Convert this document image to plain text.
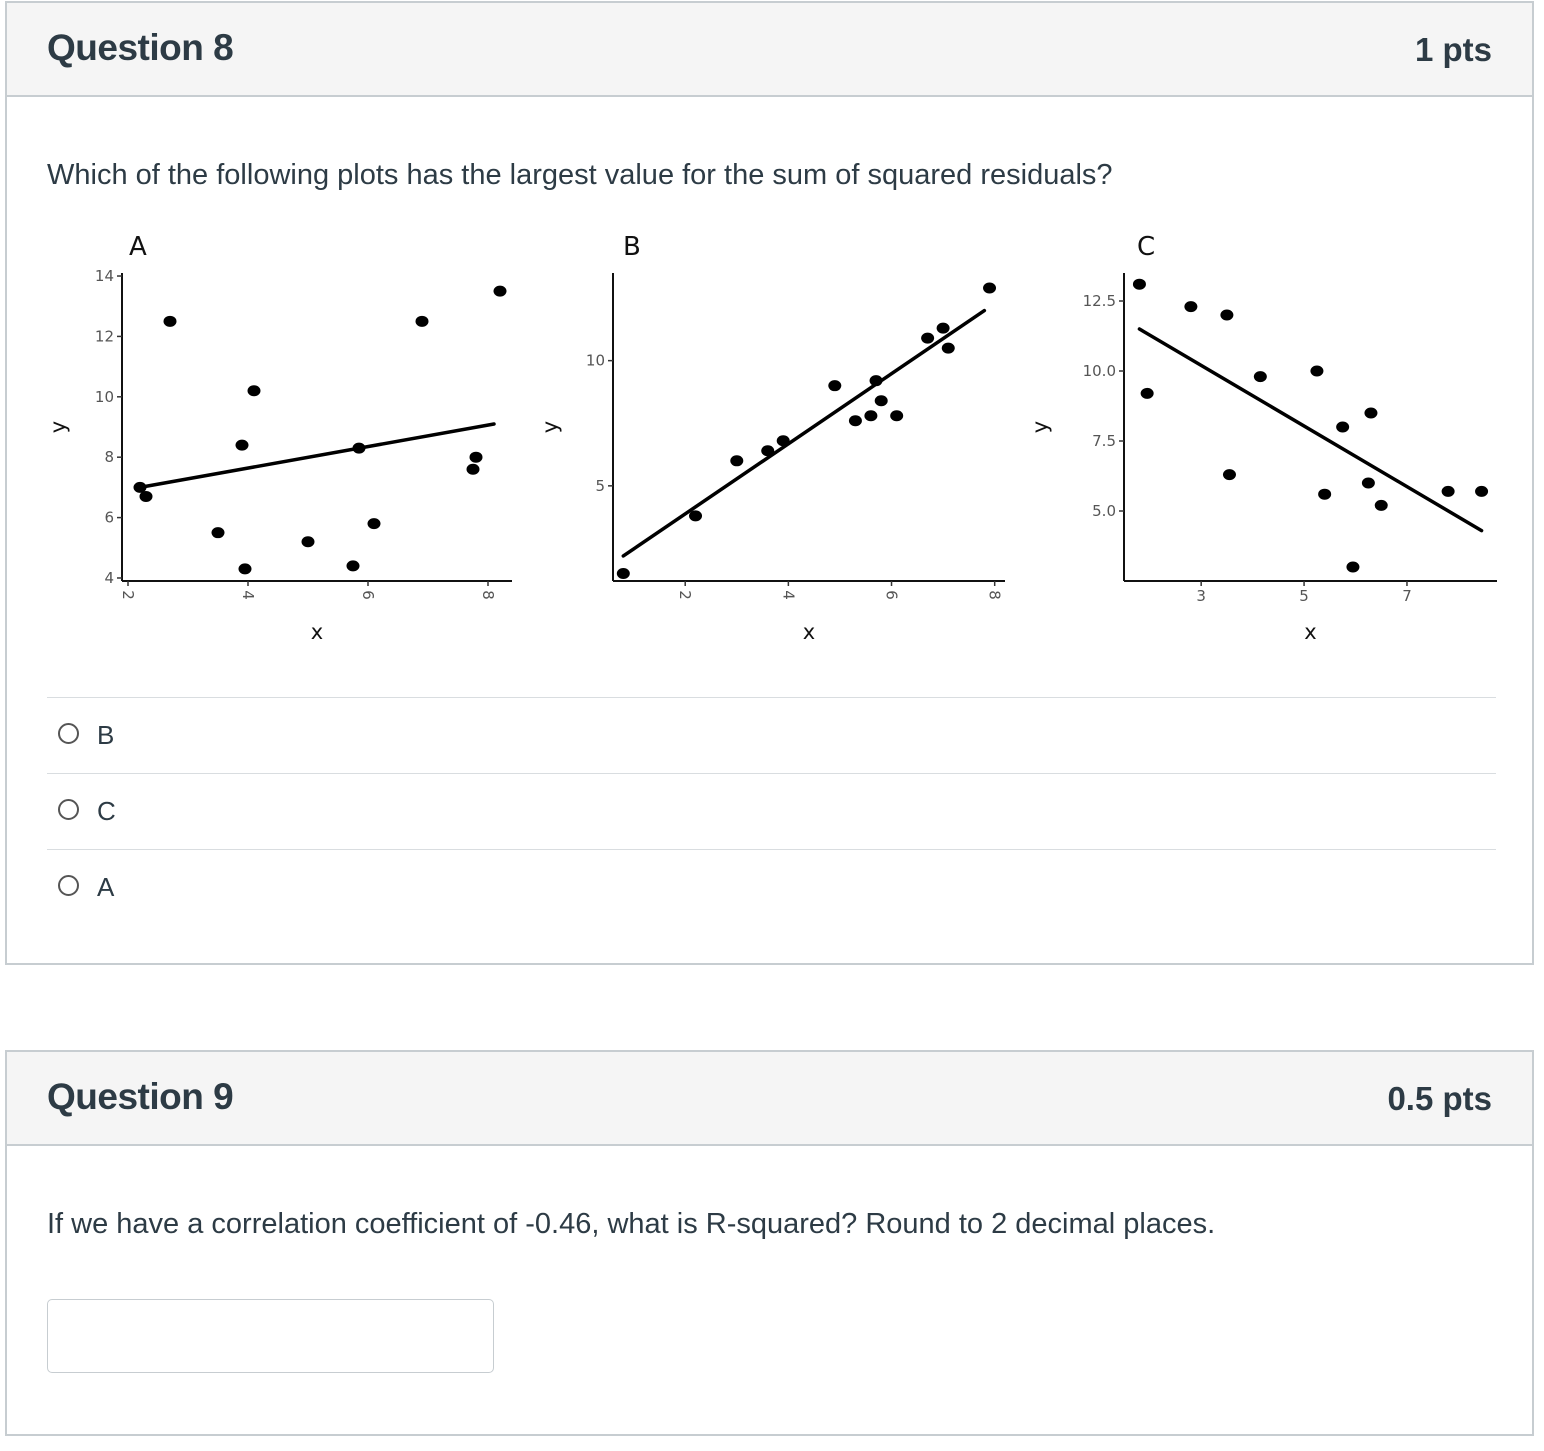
Question 8	1 pts
Which of the following plots has the largest value for the sum of squared residuals?
A
4
6
8
10
12
14
2	4	6	8
x
y
B
5
10
2	4	6	8
x
y
C
5.0
7.5
10.0
12.5
3	5	7
x
y
B
C
A
Question 9	0.5 pts
If we have a correlation coefficient of -0.46, what is R-squared? Round to 2 decimal places.
